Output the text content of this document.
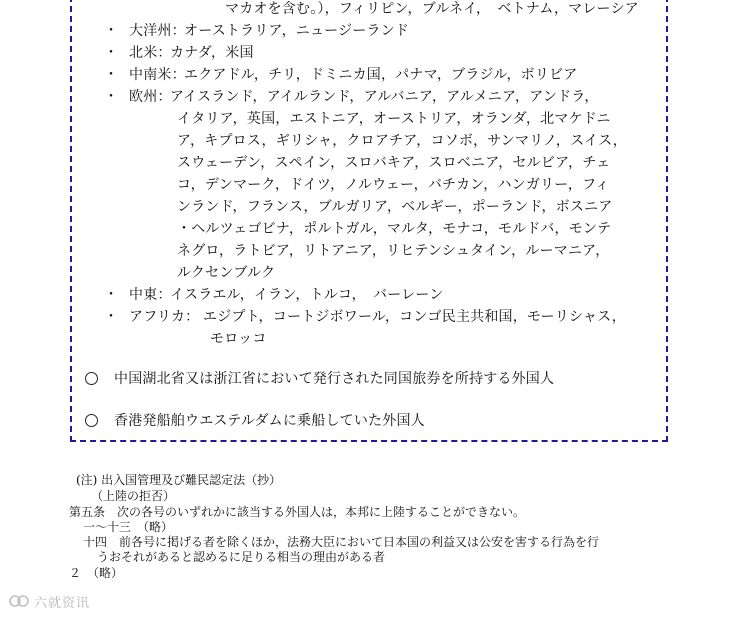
マカオを含む。），フィリピン，ブルネイ，　ベトナム，マレーシア
・ 大洋州：
オーストラリア，ニュージーランド
・ 北米：
カナダ，米国
・ 中南米：
エクアドル，チリ，ドミニカ国，パナマ，ブラジル，ボリビア
・ 欧州：
アイスランド，アイルランド，アルバニア，アルメニア，アンドラ，
イタリア，英国，エストニア，オーストリア，オランダ，北マケドニ
ア，キプロス，ギリシャ，クロアチア，コソボ，サンマリノ，スイス，
スウェーデン，スペイン，スロバキア，スロベニア，セルビア，チェ
コ，デンマーク，ドイツ，ノルウェー，バチカン，ハンガリー，フィ
ンランド，フランス，ブルガリア，ベルギー，ポーランド，ボスニア
・ヘルツェゴビナ，ポルトガル，マルタ，モナコ，モルドバ，モンテ
ネグロ，ラトビア，リトアニア，リヒテンシュタイン，ルーマニア，
ルクセンブルク
・ 中東：
イスラエル，イラン，トルコ，　バーレーン
・ アフリカ： エジプト，コートジボワール，コンゴ民主共和国，モーリシャス，
モロッコ
中国湖北省又は浙江省において発行された同国旅券を所持する外国人
香港発船舶ウエステルダムに乗船していた外国人
(注) 出入国管理及び難民認定法（抄）
（上陸の拒否）
第五条　次の各号のいずれかに該当する外国人は，本邦に上陸することができない。
一～十三　（略）
十四　前各号に掲げる者を除くほか，法務大臣において日本国の利益又は公安を害する行為を行
うおそれがあると認めるに足りる相当の理由がある者
２　（略）
六就资讯
